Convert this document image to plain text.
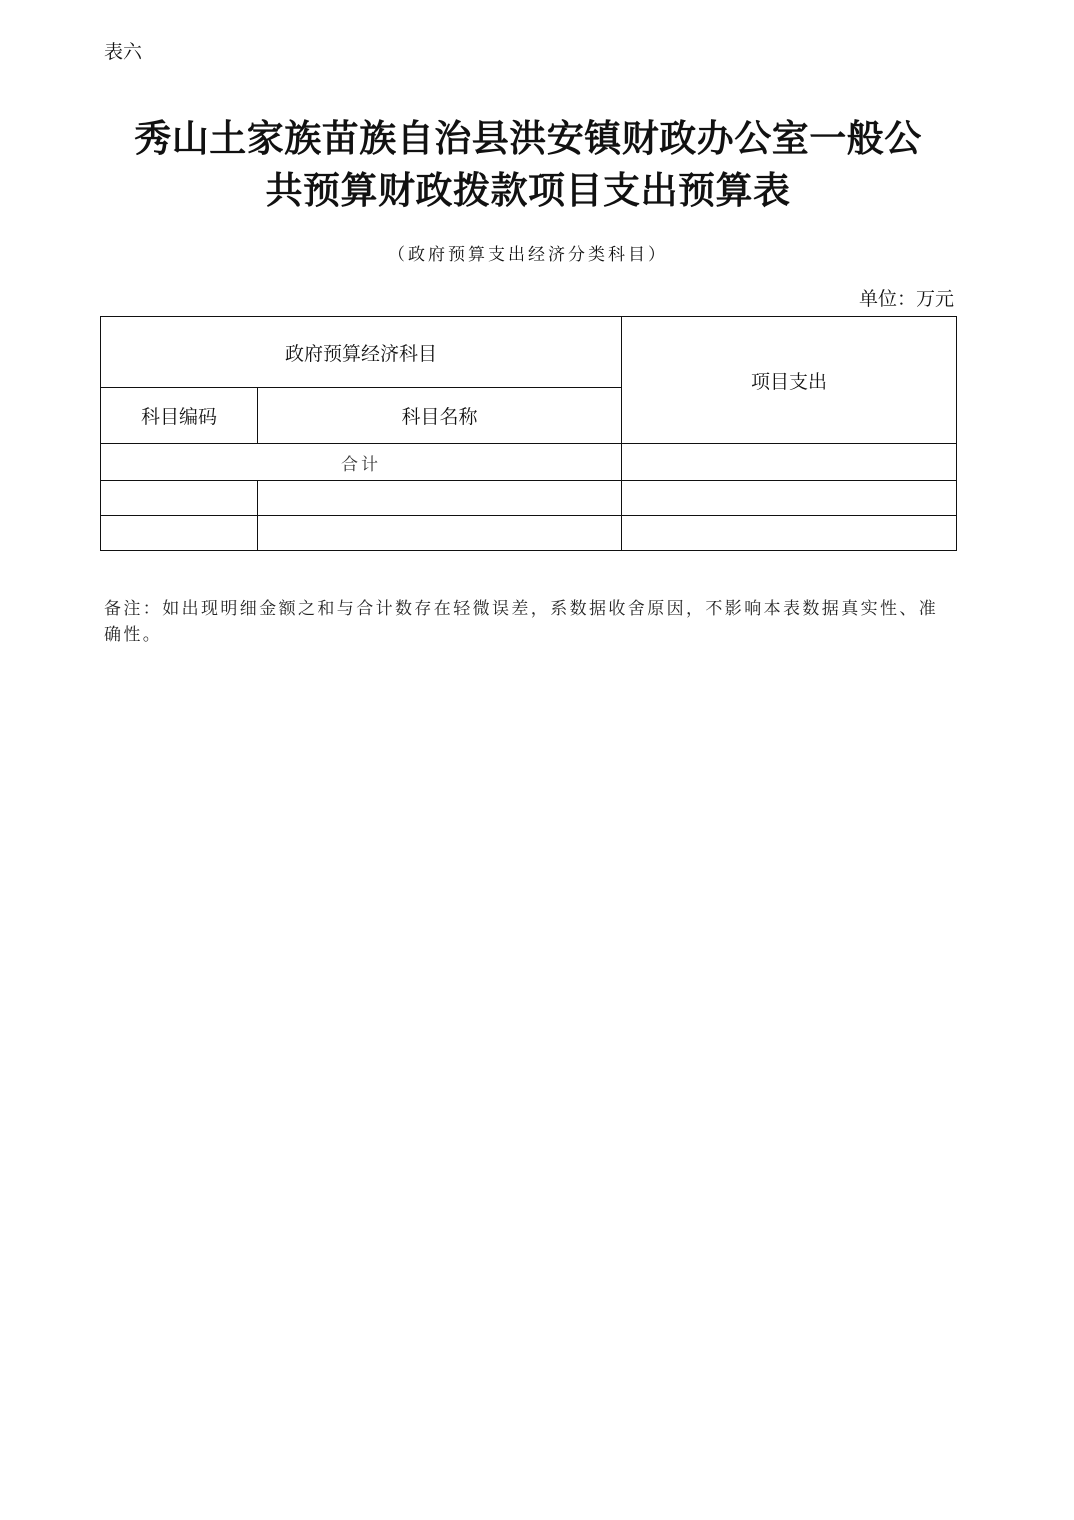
表六
秀山土家族苗族自治县洪安镇财政办公室一般公
共预算财政拨款项目支出预算表
（政府预算支出经济分类科目）
单位：万元
政府预算经济科目		项目支出
科目编码	科目名称	
合计		

备注：如出现明细金额之和与合计数存在轻微误差，系数据收舍原因，不影响本表数据真实性、准确性。
